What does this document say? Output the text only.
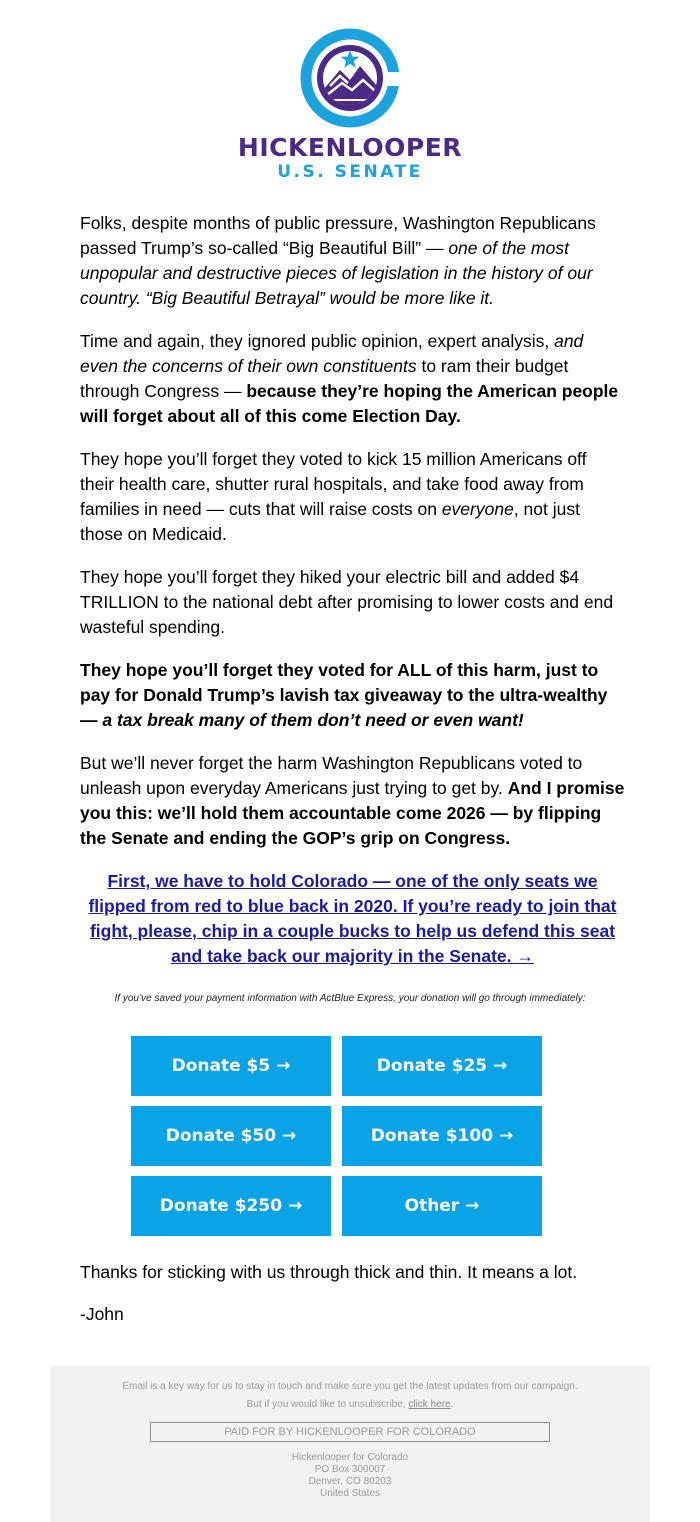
HICKENLOOPER
U.S. SENATE

Folks, despite months of public pressure, Washington Republicans passed Trump’s so-called “Big Beautiful Bill” — one of the most unpopular and destructive pieces of legislation in the history of our country. “Big Beautiful Betrayal” would be more like it.

Time and again, they ignored public opinion, expert analysis, and even the concerns of their own constituents to ram their budget through Congress — because they’re hoping the American people will forget about all of this come Election Day.

They hope you’ll forget they voted to kick 15 million Americans off their health care, shutter rural hospitals, and take food away from families in need — cuts that will raise costs on everyone, not just those on Medicaid.

They hope you’ll forget they hiked your electric bill and added $4 TRILLION to the national debt after promising to lower costs and end wasteful spending.

They hope you’ll forget they voted for ALL of this harm, just to pay for Donald Trump’s lavish tax giveaway to the ultra-wealthy — a tax break many of them don’t need or even want!

But we’ll never forget the harm Washington Republicans voted to unleash upon everyday Americans just trying to get by. And I promise you this: we’ll hold them accountable come 2026 — by flipping the Senate and ending the GOP’s grip on Congress.

First, we have to hold Colorado — one of the only seats we flipped from red to blue back in 2020. If you’re ready to join that fight, please, chip in a couple bucks to help us defend this seat and take back our majority in the Senate. →

If you’ve saved your payment information with ActBlue Express, your donation will go through immediately:
Donate $5 →	Donate $25 →
Donate $50 →	Donate $100 →
Donate $250 →	Other →
Thanks for sticking with us through thick and thin. It means a lot.
-John
Email is a key way for us to stay in touch and make sure you get the latest updates from our campaign.
But if you would like to unsubscribe, click here.
PAID FOR BY HICKENLOOPER FOR COLORADO
Hickenlooper for Colorado
PO Box 300007
Denver, CO 80203
United States
